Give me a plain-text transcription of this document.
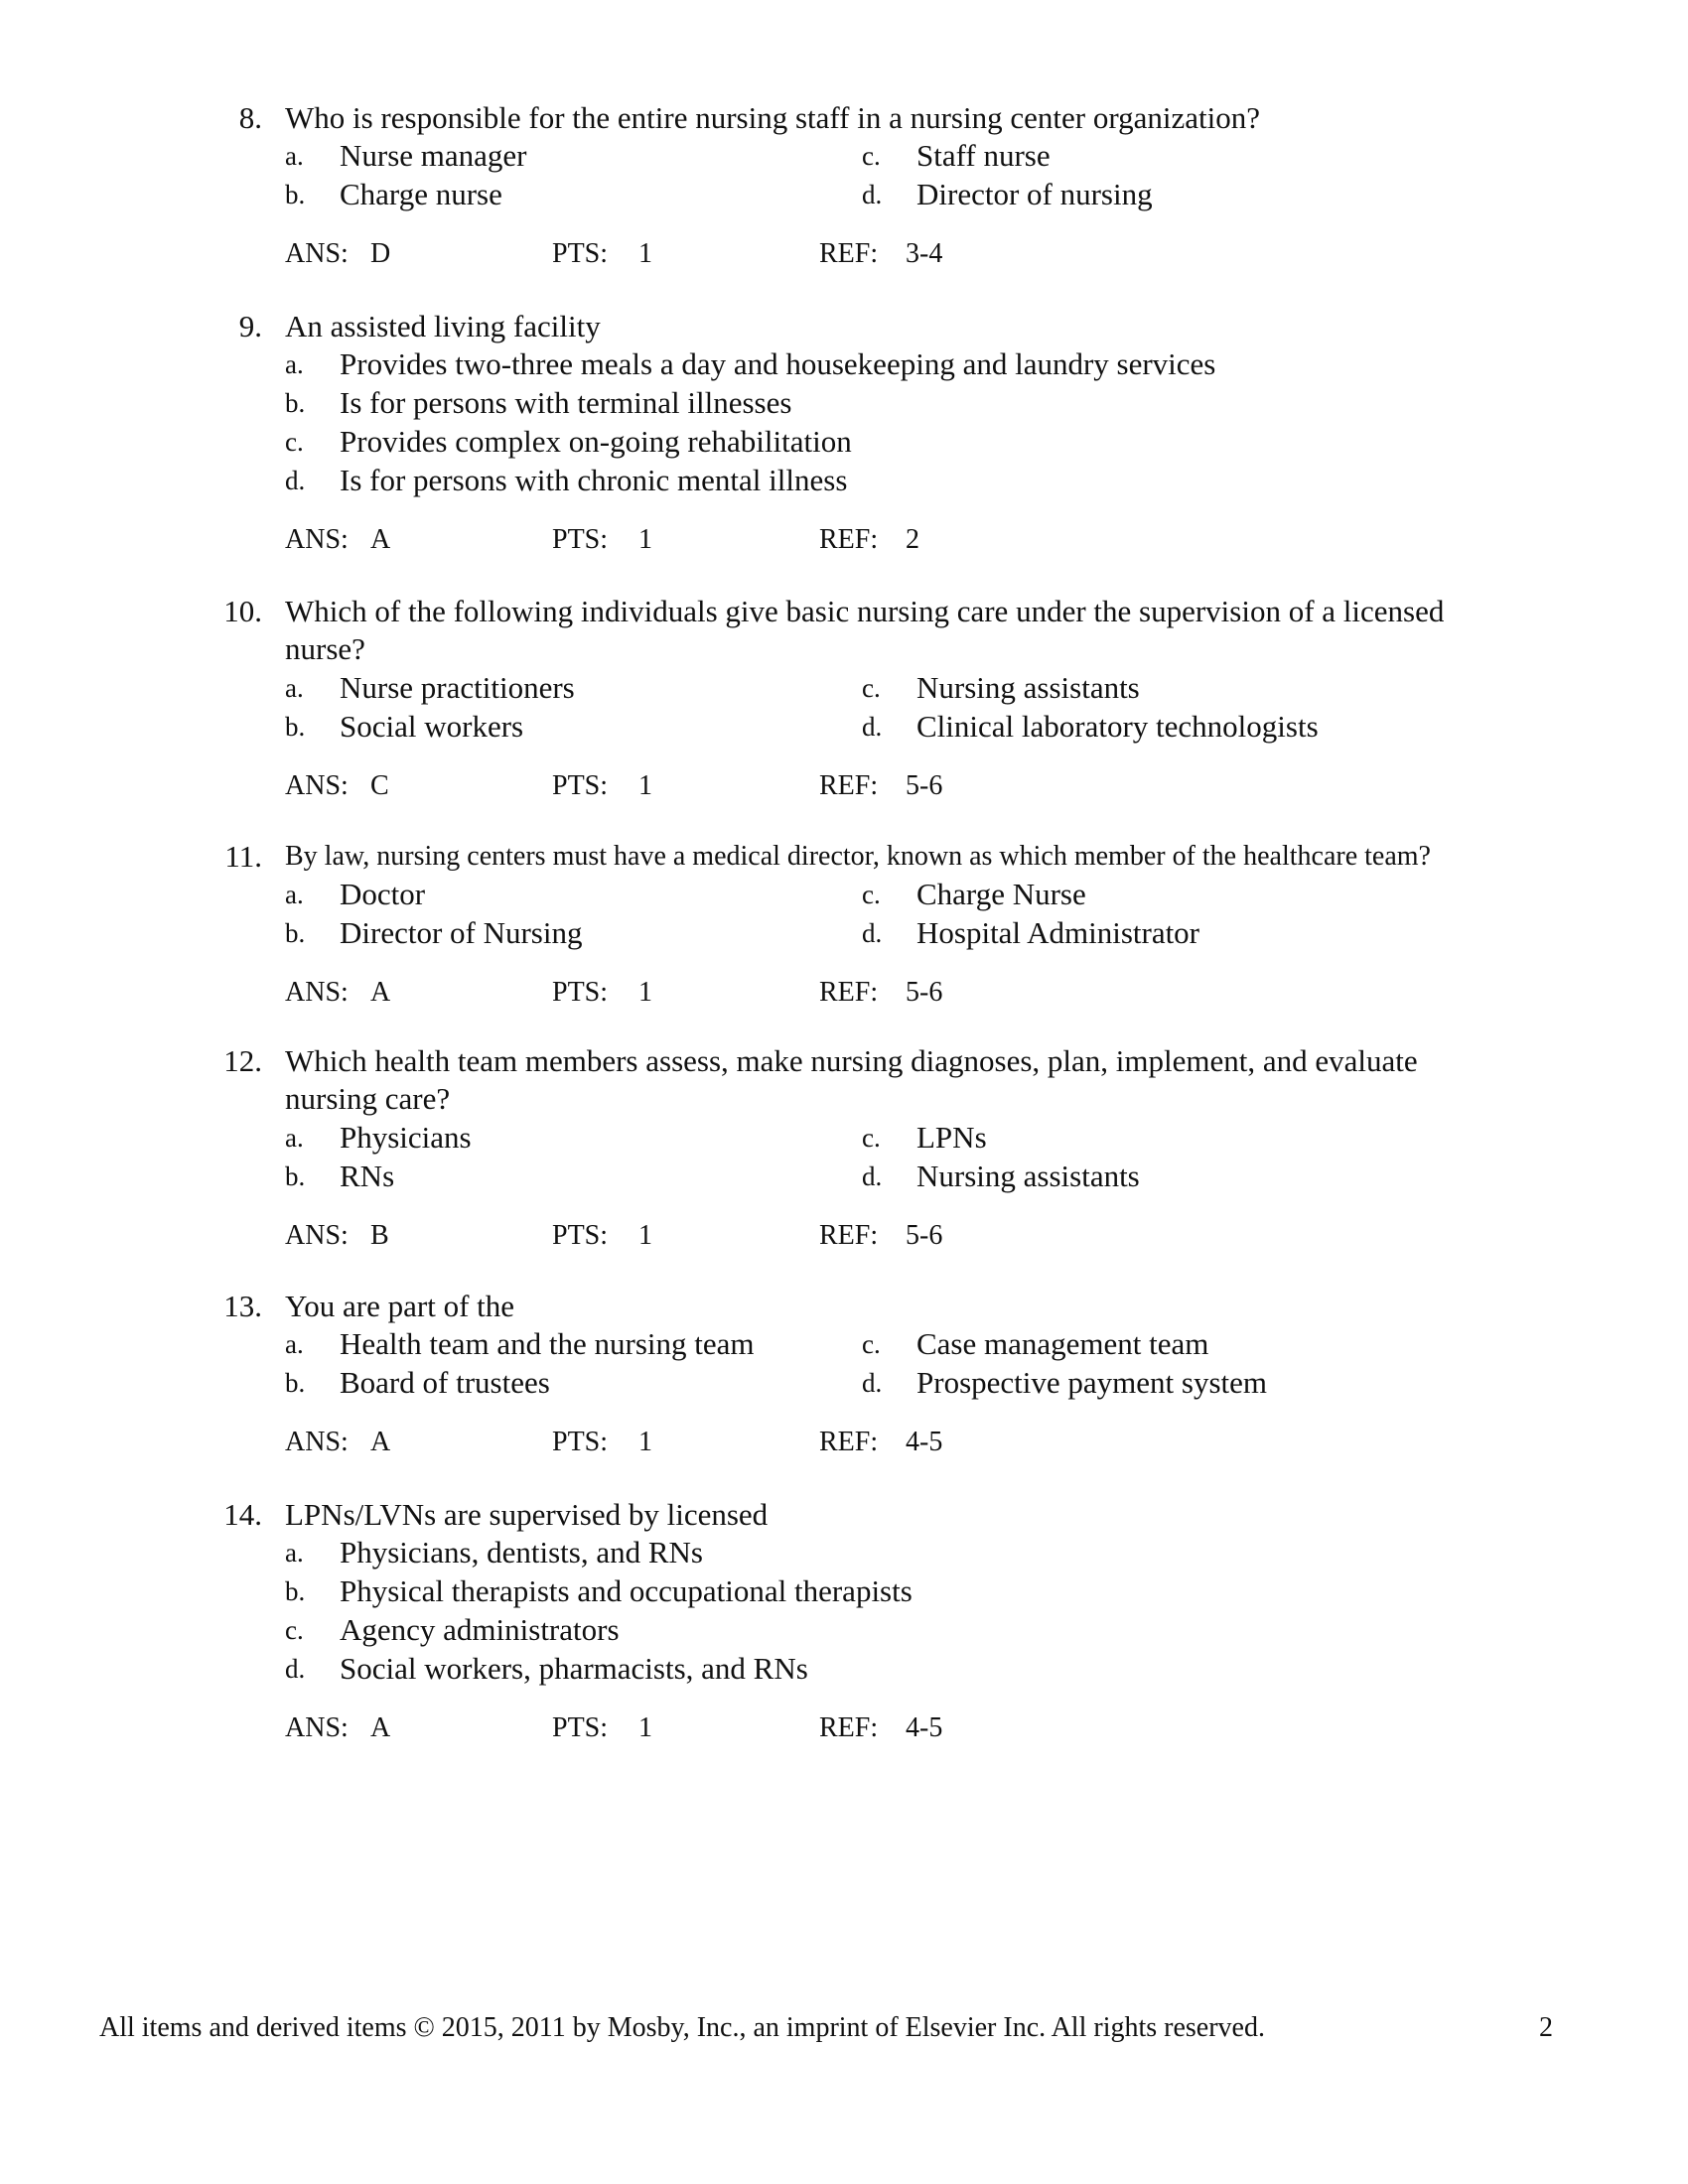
8. Who is responsible for the entire nursing staff in a nursing center organization?
a. Nurse manager
b. Charge nurse
c. Staff nurse
d. Director of nursing
ANS: D	PTS: 1	REF: 3-4
9. An assisted living facility
a. Provides two-three meals a day and housekeeping and laundry services
b. Is for persons with terminal illnesses
c. Provides complex on-going rehabilitation
d. Is for persons with chronic mental illness
ANS: A	PTS: 1	REF: 2
10. Which of the following individuals give basic nursing care under the supervision of a licensed
nurse?
a. Nurse practitioners
b. Social workers
c. Nursing assistants
d. Clinical laboratory technologists
ANS: C	PTS: 1	REF: 5-6
11. By law, nursing centers must have a medical director, known as which member of the healthcare team?
a. Doctor
b. Director of Nursing
c. Charge Nurse
d. Hospital Administrator
ANS: A	PTS: 1	REF: 5-6
12. Which health team members assess, make nursing diagnoses, plan, implement, and evaluate
nursing care?
a. Physicians
b. RNs
c. LPNs
d. Nursing assistants
ANS: B	PTS: 1	REF: 5-6
13. You are part of the
a. Health team and the nursing team
b. Board of trustees
c. Case management team
d. Prospective payment system
ANS: A	PTS: 1	REF: 4-5
14. LPNs/LVNs are supervised by licensed
a. Physicians, dentists, and RNs
b. Physical therapists and occupational therapists
c. Agency administrators
d. Social workers, pharmacists, and RNs
ANS: A	PTS: 1	REF: 4-5
All items and derived items © 2015, 2011 by Mosby, Inc., an imprint of Elsevier Inc. All rights reserved.	2
